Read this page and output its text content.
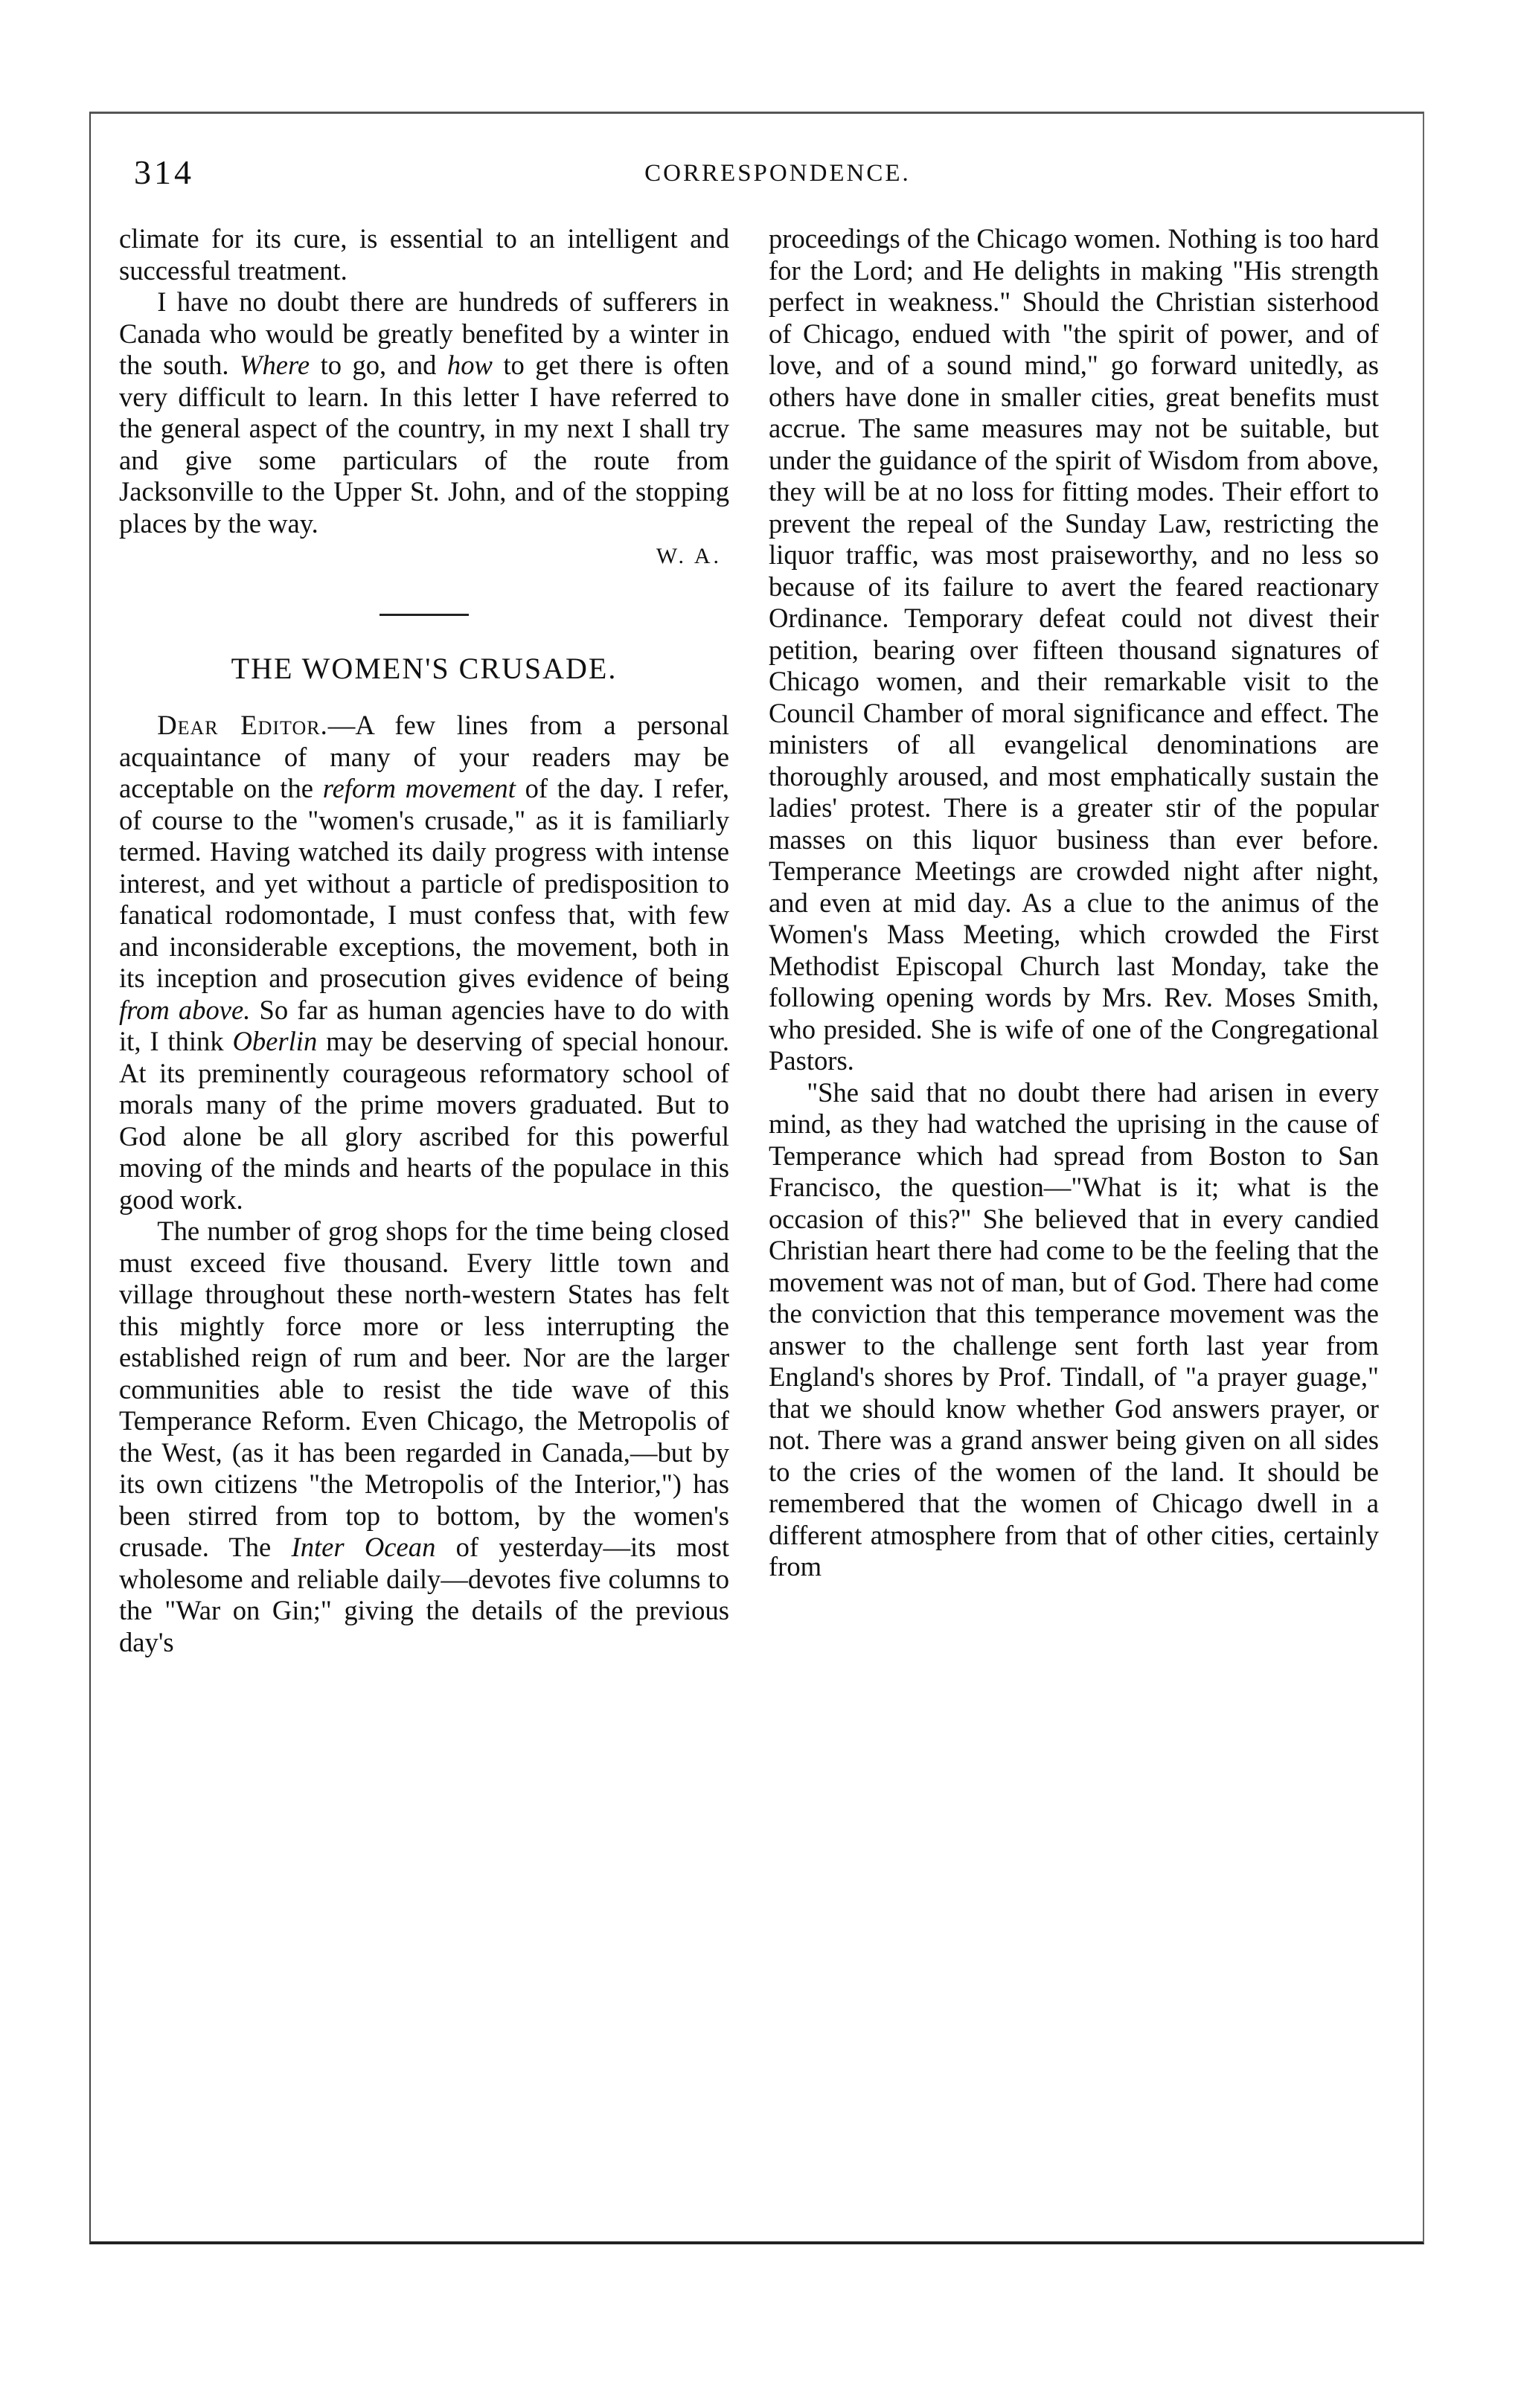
314	CORRESPONDENCE.

climate for its cure, is essential to an intelligent and successful treatment.

I have no doubt there are hundreds of sufferers in Canada who would be greatly benefited by a winter in the south. Where to go, and how to get there is often very difficult to learn. In this letter I have referred to the general aspect of the country, in my next I shall try and give some particulars of the route from Jacksonville to the Upper St. John, and of the stopping places by the way.

W. A.

THE WOMEN'S CRUSADE.

Dear Editor.—A few lines from a personal acquaintance of many of your readers may be acceptable on the reform movement of the day. I refer, of course to the "women's crusade," as it is familiarly termed. Having watched its daily progress with intense interest, and yet without a particle of predisposition to fanatical rodomontade, I must confess that, with few and inconsiderable exceptions, the movement, both in its inception and prosecution gives evidence of being from above. So far as human agencies have to do with it, I think Oberlin may be deserving of special honour. At its preminently courageous reformatory school of morals many of the prime movers graduated. But to God alone be all glory ascribed for this powerful moving of the minds and hearts of the populace in this good work.

The number of grog shops for the time being closed must exceed five thousand. Every little town and village throughout these north-western States has felt this mightly force more or less interrupting the established reign of rum and beer. Nor are the larger communities able to resist the tide wave of this Temperance Reform. Even Chicago, the Metropolis of the West, (as it has been regarded in Canada,—but by its own citizens "the Metropolis of the Interior,") has been stirred from top to bottom, by the women's crusade. The Inter Ocean of yesterday—its most wholesome and reliable daily—devotes five columns to the "War on Gin;" giving the details of the previous day's

proceedings of the Chicago women. Nothing is too hard for the Lord; and He delights in making "His strength perfect in weakness." Should the Christian sisterhood of Chicago, endued with "the spirit of power, and of love, and of a sound mind," go forward unitedly, as others have done in smaller cities, great benefits must accrue. The same measures may not be suitable, but under the guidance of the spirit of Wisdom from above, they will be at no loss for fitting modes. Their effort to prevent the repeal of the Sunday Law, restricting the liquor traffic, was most praiseworthy, and no less so because of its failure to avert the feared reactionary Ordinance. Temporary defeat could not divest their petition, bearing over fifteen thousand signatures of Chicago women, and their remarkable visit to the Council Chamber of moral significance and effect. The ministers of all evangelical denominations are thoroughly aroused, and most emphatically sustain the ladies' protest. There is a greater stir of the popular masses on this liquor business than ever before. Temperance Meetings are crowded night after night, and even at mid day. As a clue to the animus of the Women's Mass Meeting, which crowded the First Methodist Episcopal Church last Monday, take the following opening words by Mrs. Rev. Moses Smith, who presided. She is wife of one of the Congregational Pastors.

"She said that no doubt there had arisen in every mind, as they had watched the uprising in the cause of Temperance which had spread from Boston to San Francisco, the question—"What is it; what is the occasion of this?" She believed that in every candied Christian heart there had come to be the feeling that the movement was not of man, but of God. There had come the conviction that this temperance movement was the answer to the challenge sent forth last year from England's shores by Prof. Tindall, of "a prayer guage," that we should know whether God answers prayer, or not. There was a grand answer being given on all sides to the cries of the women of the land. It should be remembered that the women of Chicago dwell in a different atmosphere from that of other cities, certainly from
